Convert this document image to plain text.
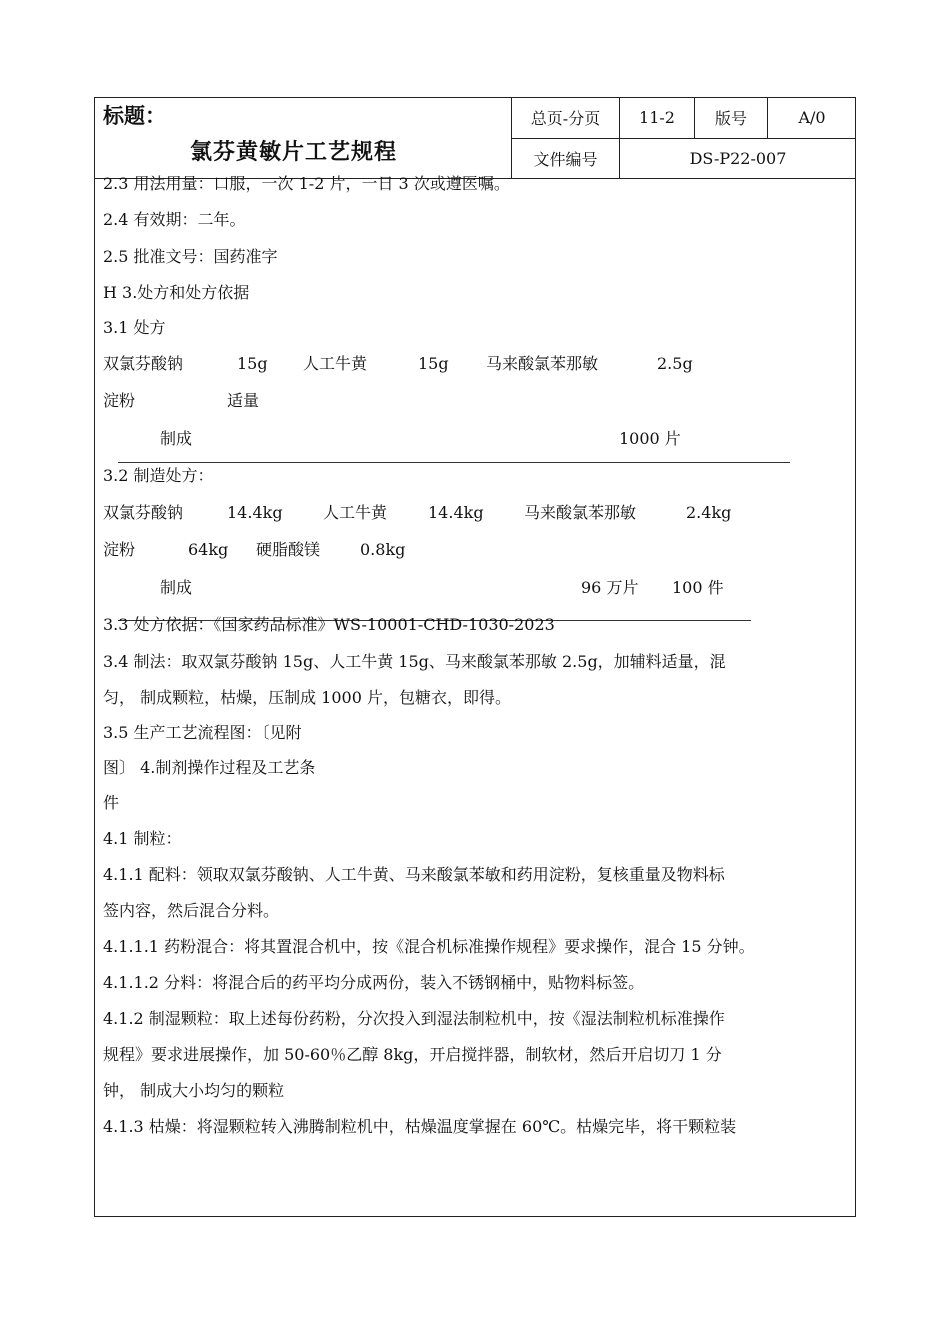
标题：
氯芬黄敏片工艺规程
总页-分页 11-2	版号	A/0
文件编号	DS-P22-007
2.3 用法用量：口服，一次 1-2 片，一日 3 次或遵医嘱。
2.4 有效期：二年。
2.5 批准文号：国药准字
H 3.处方和处方依据
3.1 处方
双氯芬酸钠	15g 人工牛黄	15g 马来酸氯苯那敏	2.5g
淀粉	适量
制成	1000 片
3.2 制造处方：
双氯芬酸钠	14.4kg	人工牛黄	14.4kg	马来酸氯苯那敏	2.4kg
淀粉	64kg 硬脂酸镁 0.8kg
制成	96 万片 100 件
3.3 处方依据：《国家药品标准》WS-10001-CHD-1030-2023
3.4 制法：取双氯芬酸钠 15g、人工牛黄 15g、马来酸氯苯那敏 2.5g，加辅料适量，混
匀， 制成颗粒，枯燥，压制成 1000 片，包糖衣，即得。
3.5 生产工艺流程图：〔见附
图〕 4.制剂操作过程及工艺条
件
4.1 制粒：
4.1.1 配料：领取双氯芬酸钠、人工牛黄、马来酸氯苯敏和药用淀粉，复核重量及物料标
签内容，然后混合分料。
4.1.1.1 药粉混合：将其置混合机中，按《混合机标准操作规程》要求操作，混合 15 分钟。
4.1.1.2 分料：将混合后的药平均分成两份，装入不锈钢桶中，贴物料标签。
4.1.2 制湿颗粒：取上述每份药粉，分次投入到湿法制粒机中，按《湿法制粒机标准操作
规程》要求进展操作，加 50-60％乙醇 8kg，开启搅拌器，制软材，然后开启切刀 1 分
钟， 制成大小均匀的颗粒
4.1.3 枯燥：将湿颗粒转入沸腾制粒机中，枯燥温度掌握在 60℃。枯燥完毕，将干颗粒装
